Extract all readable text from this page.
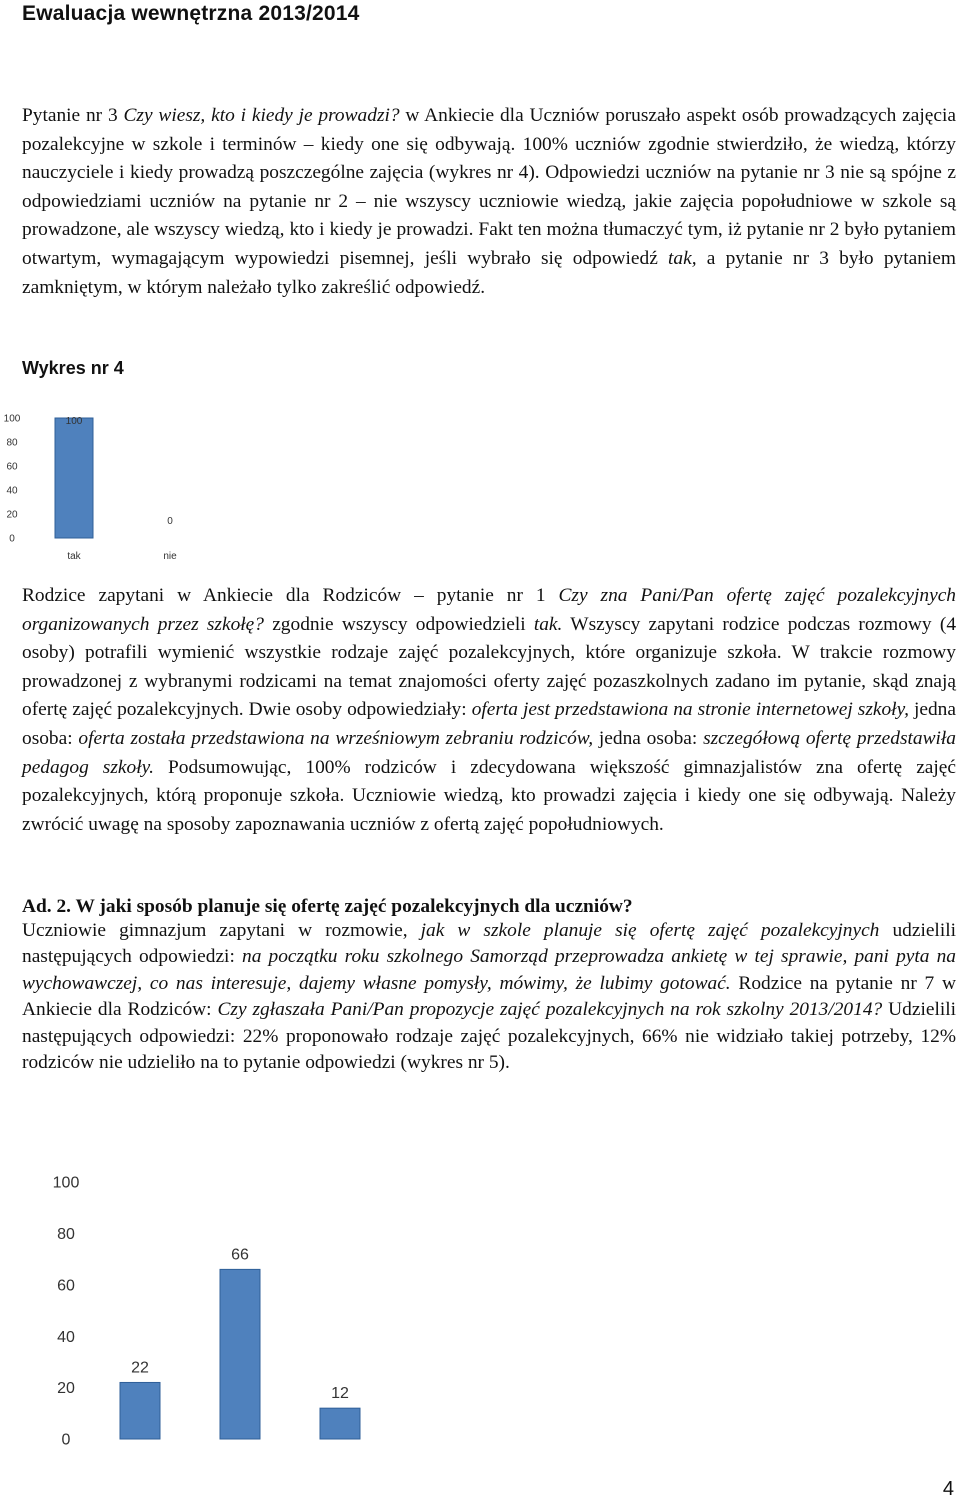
Ewaluacja wewnętrzna 2013/2014

Pytanie nr 3 Czy wiesz, kto i kiedy je prowadzi? w Ankiecie dla Uczniów poruszało aspekt osób prowadzących zajęcia pozalekcyjne w szkole i terminów – kiedy one się odbywają. 100% uczniów zgodnie stwierdziło, że wiedzą, którzy nauczyciele i kiedy prowadzą poszczególne zajęcia (wykres nr 4). Odpowiedzi uczniów na pytanie nr 3 nie są spójne z odpowiedziami uczniów na pytanie nr 2 – nie wszyscy uczniowie wiedzą, jakie zajęcia popołudniowe w szkole są prowadzone, ale wszyscy wiedzą, kto i kiedy je prowadzi. Fakt ten można tłumaczyć tym, iż pytanie nr 2 było pytaniem otwartym, wymagającym wypowiedzi pisemnej, jeśli wybrało się odpowiedź tak, a pytanie nr 3 było pytaniem zamkniętym, w którym należało tylko zakreślić odpowiedź.

Wykres nr 4
0
20
40
60
80
100	100
tak
0
nie

Rodzice zapytani w Ankiecie dla Rodziców – pytanie nr 1 Czy zna Pani/Pan ofertę zajęć pozalekcyjnych organizowanych przez szkołę? zgodnie wszyscy odpowiedzieli tak. Wszyscy zapytani rodzice podczas rozmowy (4 osoby) potrafili wymienić wszystkie rodzaje zajęć pozalekcyjnych, które organizuje szkoła. W trakcie rozmowy prowadzonej z wybranymi rodzicami na temat znajomości oferty zajęć pozaszkolnych zadano im pytanie, skąd znają ofertę zajęć pozalekcyjnych. Dwie osoby odpowiedziały: oferta jest przedstawiona na stronie internetowej szkoły, jedna osoba: oferta została przedstawiona na wrześniowym zebraniu rodziców, jedna osoba: szczegółową ofertę przedstawiła pedagog szkoły. Podsumowując, 100% rodziców i zdecydowana większość gimnazjalistów zna ofertę zajęć pozalekcyjnych, którą proponuje szkoła. Uczniowie wiedzą, kto prowadzi zajęcia i kiedy one się odbywają. Należy zwrócić uwagę na sposoby zapoznawania uczniów z ofertą zajęć popołudniowych.

Ad. 2. W jaki sposób planuje się ofertę zajęć pozalekcyjnych dla uczniów?

Uczniowie gimnazjum zapytani w rozmowie, jak w szkole planuje się ofertę zajęć pozalekcyjnych udzielili następujących odpowiedzi: na początku roku szkolnego Samorząd przeprowadza ankietę w tej sprawie, pani pyta na wychowawczej, co nas interesuje, dajemy własne pomysły, mówimy, że lubimy gotować. Rodzice na pytanie nr 7 w Ankiecie dla Rodziców: Czy zgłaszała Pani/Pan propozycje zajęć pozalekcyjnych na rok szkolny 2013/2014? Udzielili następujących odpowiedzi: 22% proponowało rodzaje zajęć pozalekcyjnych, 66% nie widziało takiej potrzeby, 12% rodziców nie udzieliło na to pytanie odpowiedzi (wykres nr 5).

0
20
40
60
80
100
22
66
12
4
